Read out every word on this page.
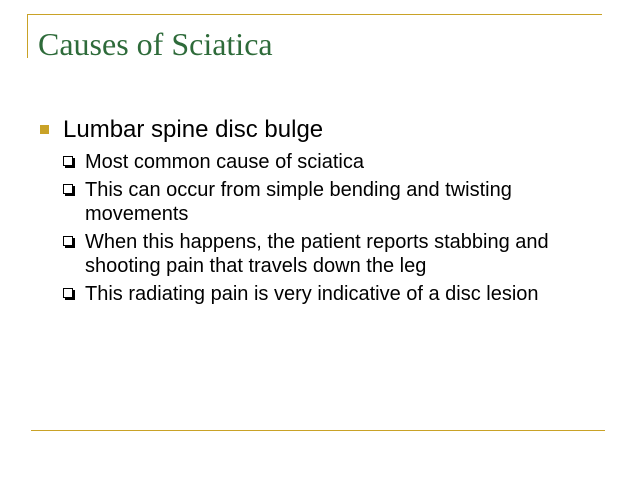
Causes of Sciatica
Lumbar spine disc bulge
Most common cause of sciatica
This can occur from simple bending and twisting movements
When this happens, the patient reports stabbing and shooting pain that travels down the leg
This radiating pain is very indicative of a disc lesion
